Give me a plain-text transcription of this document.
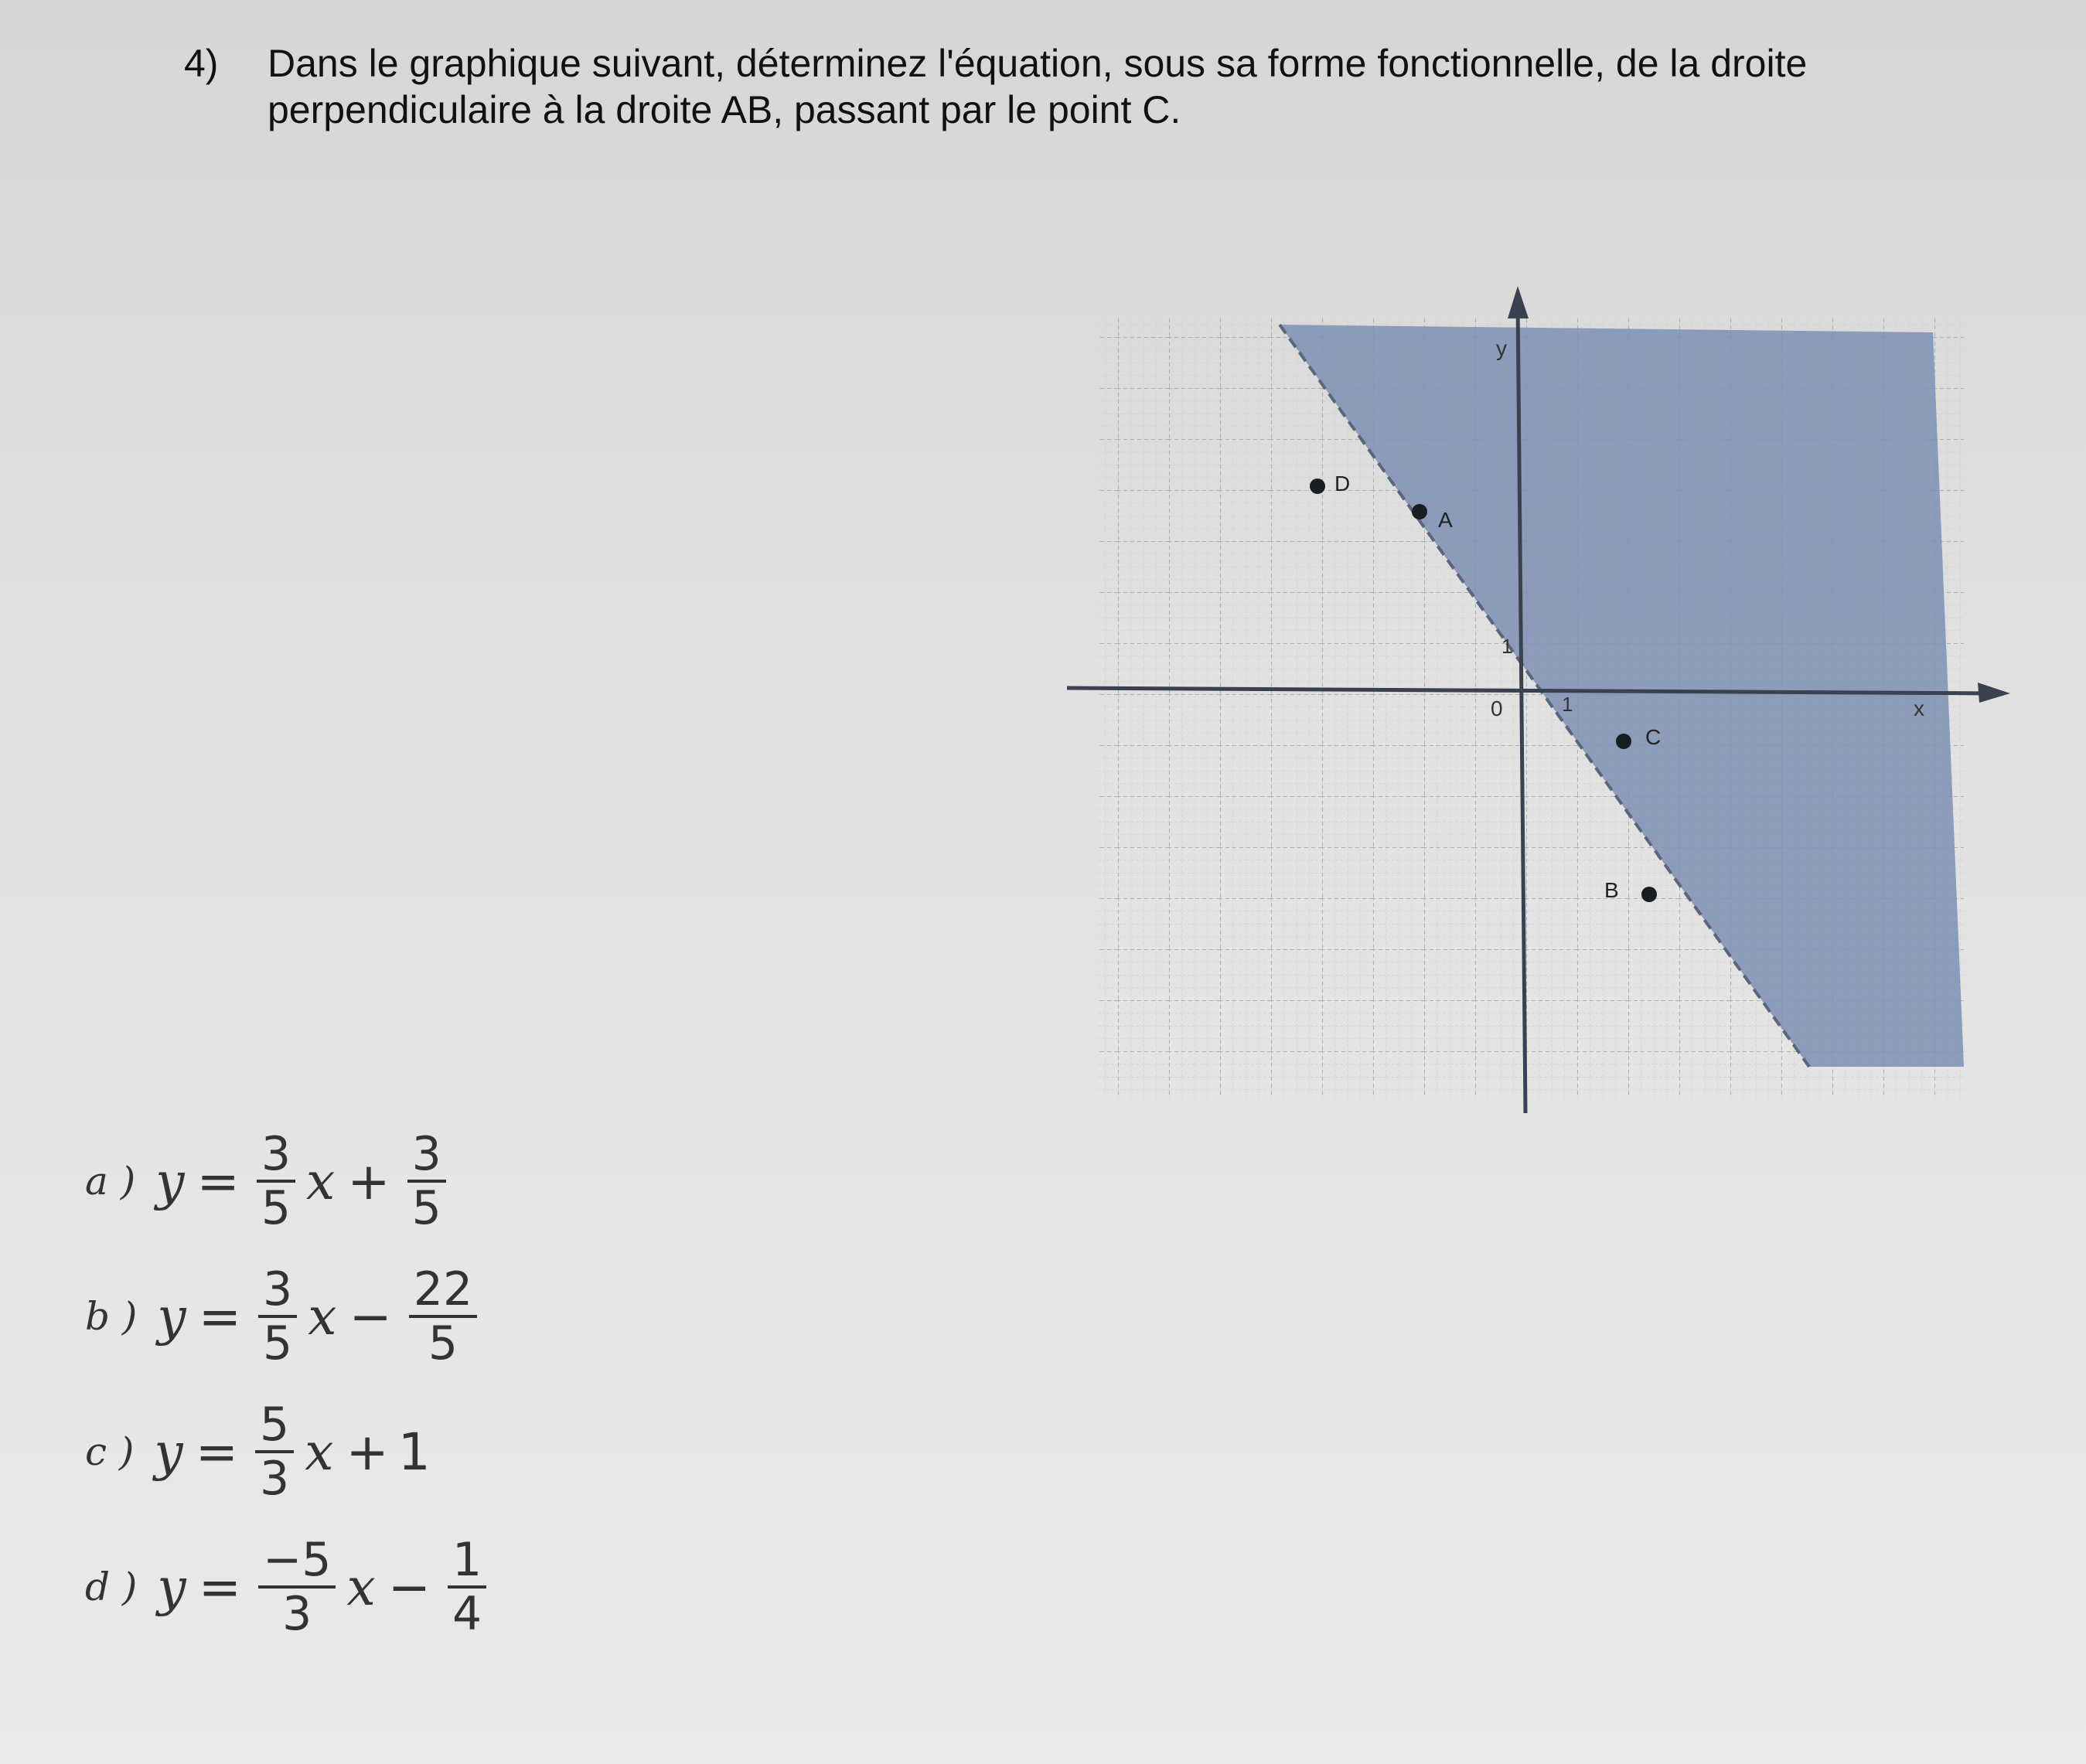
4) Dans le graphique suivant, déterminez l'équation, sous sa forme fonctionnelle, de la droite perpendiculaire à la droite AB, passant par le point C.
x
y
0	1
1
D
A
C
B
a ) $y = \frac{3}{5}$ $x + \frac{3}{5}$
b ) $y = \frac{3}{5}$ $x - \frac{22}{5}$
c ) $y = \frac{5}{3}$ x + 1
d ) $y = \frac{-5}{3}$ $x - \frac{1}{4}$
